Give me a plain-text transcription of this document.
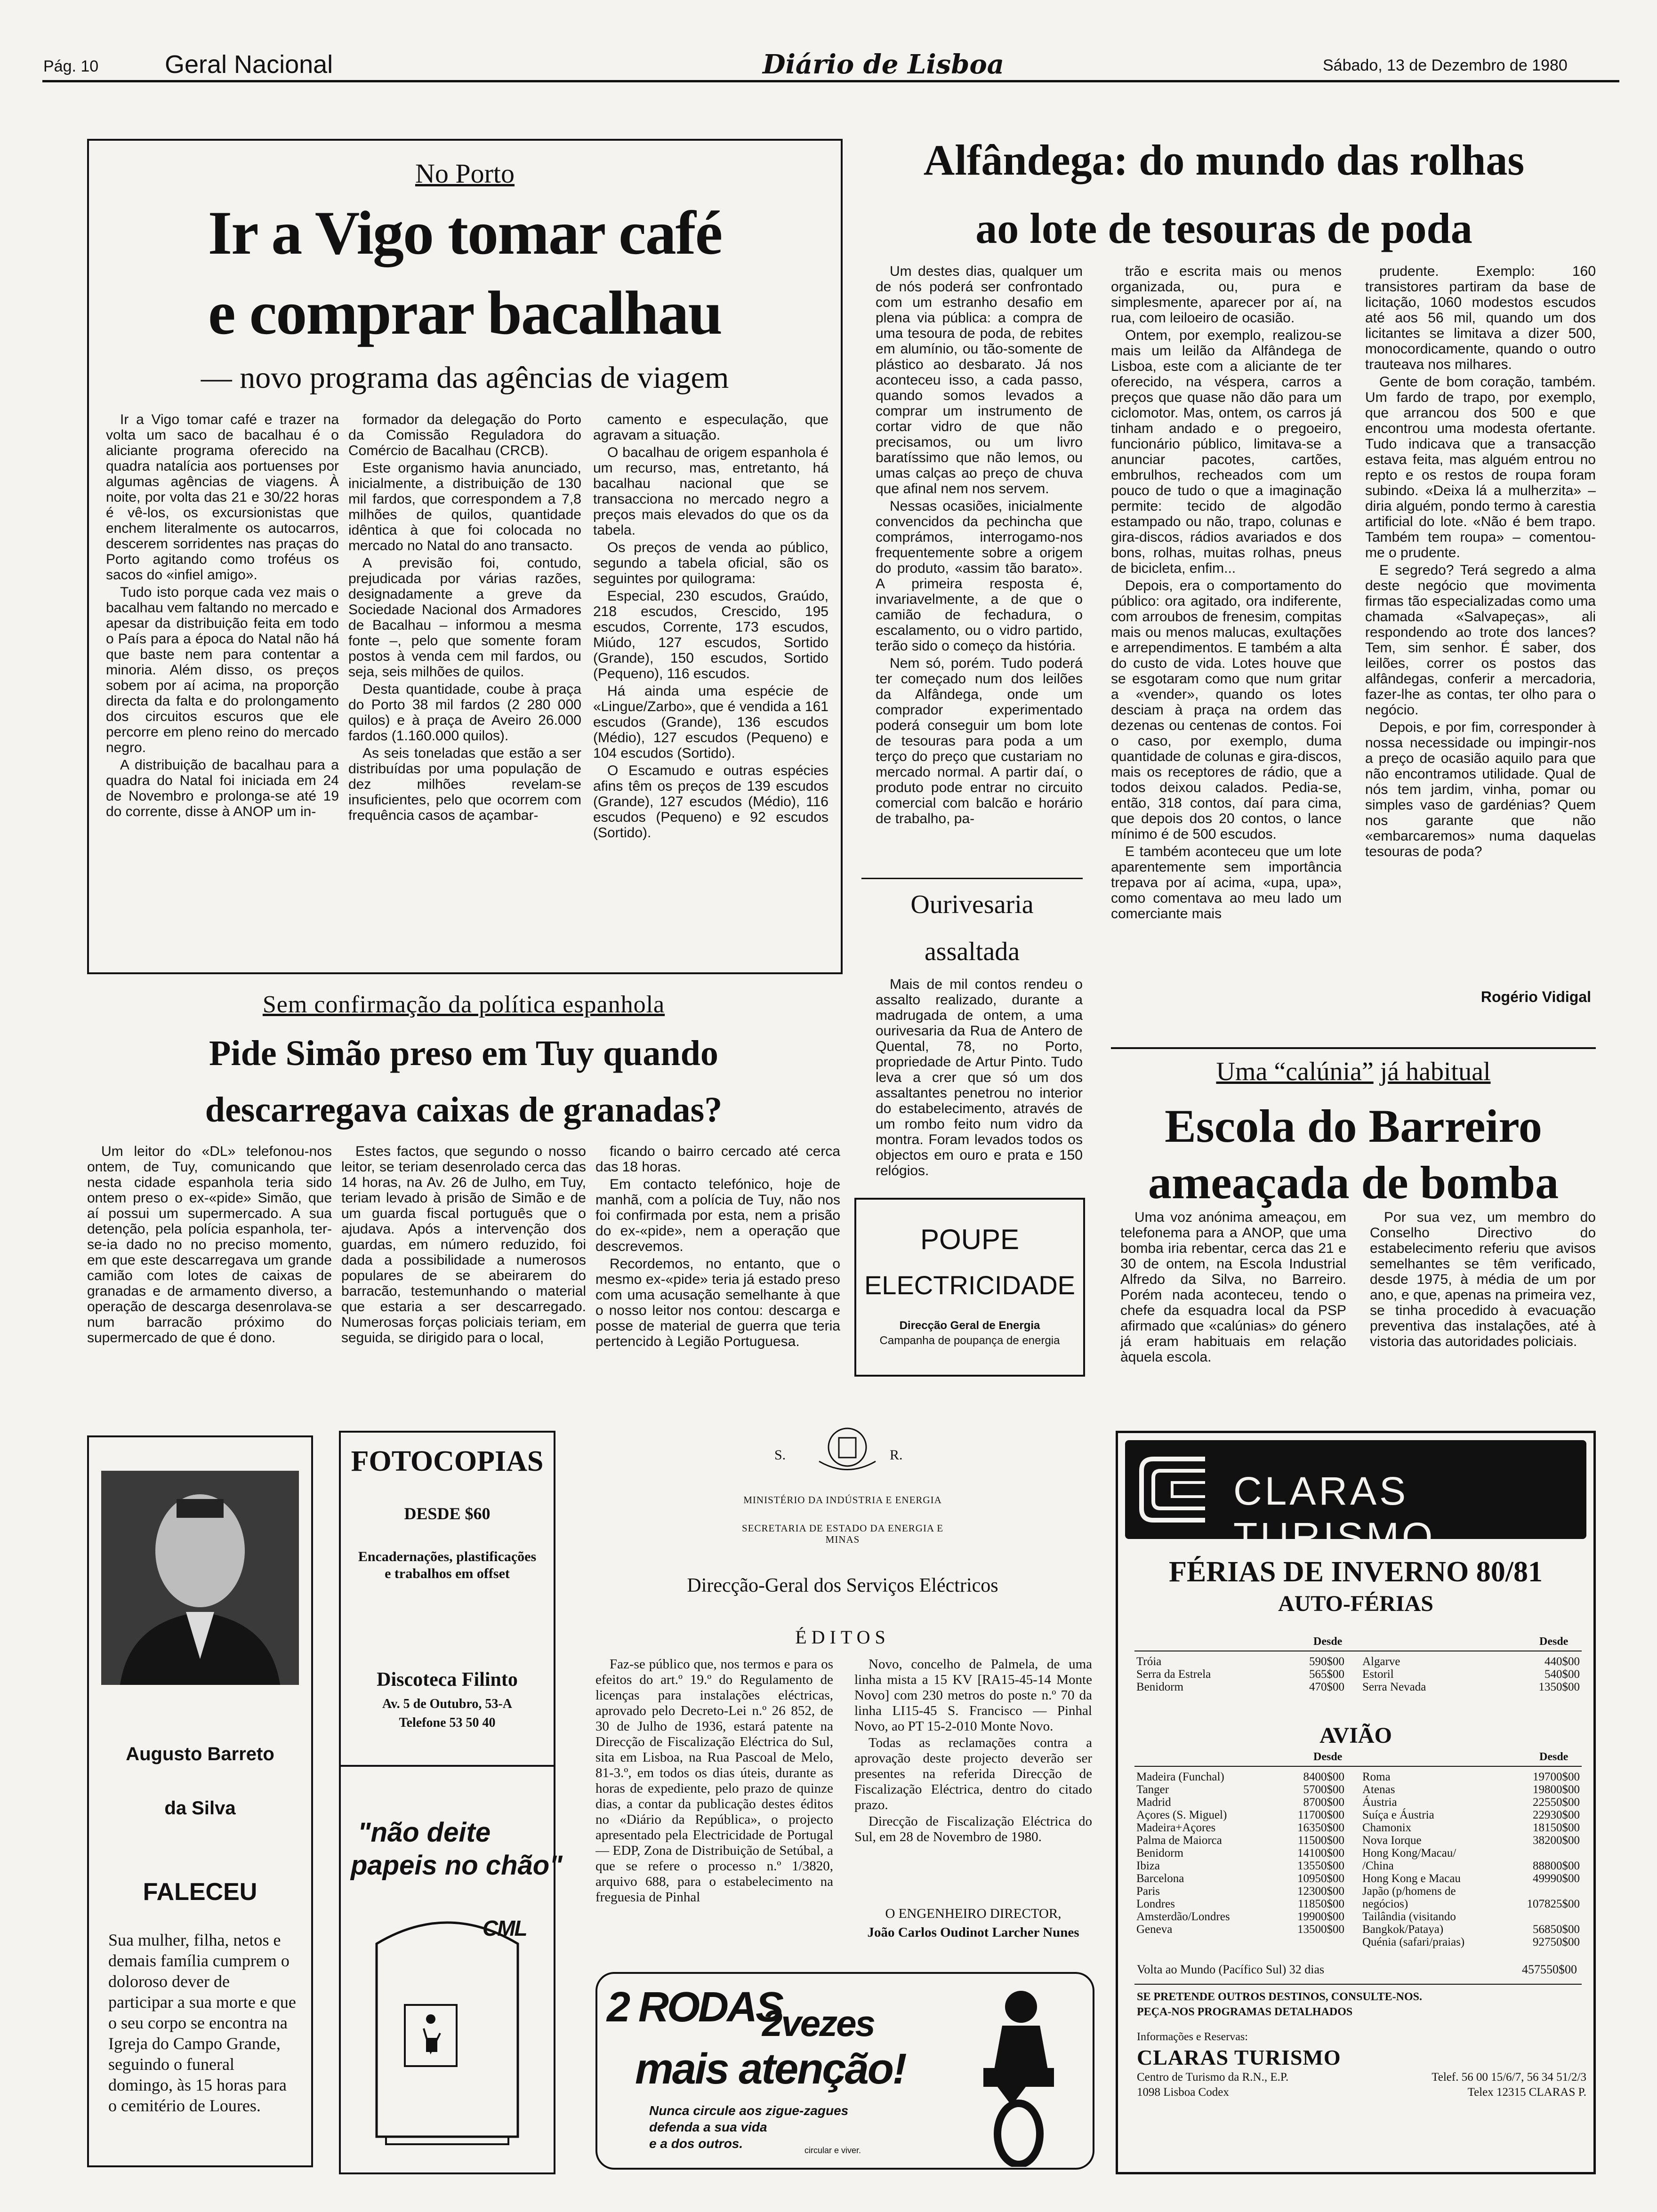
Pág. 10	Geral Nacional	Diário de Lisboa	Sábado, 13 de Dezembro de 1980
No Porto
Ir a Vigo tomar café
e comprar bacalhau
— novo programa das agências de viagem

Ir a Vigo tomar café e trazer na volta um saco de bacalhau é o aliciante programa oferecido na quadra natalícia aos portuenses por algumas agências de viagens. À noite, por volta das 21 e 30/22 horas é vê-los, os excursionistas que enchem literalmente os autocarros, descerem sorridentes nas praças do Porto agitando como troféus os sacos do «infiel amigo».

Tudo isto porque cada vez mais o bacalhau vem faltando no mercado e apesar da distribuição feita em todo o País para a época do Natal não há que baste nem para contentar a minoria. Além disso, os preços sobem por aí acima, na proporção directa da falta e do prolongamento dos circuitos escuros que ele percorre em pleno reino do mercado negro.

A distribuição de bacalhau para a quadra do Natal foi iniciada em 24 de Novembro e prolonga-se até 19 do corrente, disse à ANOP um in-

formador da delegação do Porto da Comissão Reguladora do Comércio de Bacalhau (CRCB).

Este organismo havia anunciado, inicialmente, a distribuição de 130 mil fardos, que correspondem a 7,8 milhões de quilos, quantidade idêntica à que foi colocada no mercado no Natal do ano transacto.

A previsão foi, contudo, prejudicada por várias razões, designadamente a greve da Sociedade Nacional dos Armadores de Bacalhau – informou a mesma fonte –, pelo que somente foram postos à venda cem mil fardos, ou seja, seis milhões de quilos.

Desta quantidade, coube à praça do Porto 38 mil fardos (2 280 000 quilos) e à praça de Aveiro 26.000 fardos (1.160.000 quilos).

As seis toneladas que estão a ser distribuídas por uma população de dez milhões revelam-se insuficientes, pelo que ocorrem com frequência casos de açambar-

camento e especulação, que agravam a situação.

O bacalhau de origem espanhola é um recurso, mas, entretanto, há bacalhau nacional que se transacciona no mercado negro a preços mais elevados do que os da tabela.

Os preços de venda ao público, segundo a tabela oficial, são os seguintes por quilograma:

Especial, 230 escudos, Graúdo, 218 escudos, Crescido, 195 escudos, Corrente, 173 escudos, Miúdo, 127 escudos, Sortido (Grande), 150 escudos, Sortido (Pequeno), 116 escudos.

Há ainda uma espécie de «Lingue/Zarbo», que é vendida a 161 escudos (Grande), 136 escudos (Médio), 127 escudos (Pequeno) e 104 escudos (Sortido).

O Escamudo e outras espécies afins têm os preços de 139 escudos (Grande), 127 escudos (Médio), 116 escudos (Pequeno) e 92 escudos (Sortido).

Alfândega: do mundo das rolhas
ao lote de tesouras de poda

Um destes dias, qualquer um de nós poderá ser confrontado com um estranho desafio em plena via pública: a compra de uma tesoura de poda, de rebites em alumínio, ou tão-somente de plástico ao desbarato. Já nos aconteceu isso, a cada passo, quando somos levados a comprar um instrumento de cortar vidro de que não precisamos, ou um livro baratíssimo que não lemos, ou umas calças ao preço de chuva que afinal nem nos servem.

Nessas ocasiões, inicialmente convencidos da pechincha que comprámos, interrogamo-nos frequentemente sobre a origem do produto, «assim tão barato». A primeira resposta é, invariavelmente, a de que o camião de fechadura, o escalamento, ou o vidro partido, terão sido o começo da história.

Nem só, porém. Tudo poderá ter começado num dos leilões da Alfândega, onde um comprador experimentado poderá conseguir um bom lote de tesouras para poda a um terço do preço que custariam no mercado normal. A partir daí, o produto pode entrar no circuito comercial com balcão e horário de trabalho, pa-

trão e escrita mais ou menos organizada, ou, pura e simplesmente, aparecer por aí, na rua, com leiloeiro de ocasião.

Ontem, por exemplo, realizou-se mais um leilão da Alfândega de Lisboa, este com a aliciante de ter oferecido, na véspera, carros a preços que quase não dão para um ciclomotor. Mas, ontem, os carros já tinham andado e o pregoeiro, funcionário público, limitava-se a anunciar pacotes, cartões, embrulhos, recheados com um pouco de tudo o que a imaginação permite: tecido de algodão estampado ou não, trapo, colunas e gira-discos, rádios avariados e dos bons, rolhas, muitas rolhas, pneus de bicicleta, enfim...

Depois, era o comportamento do público: ora agitado, ora indiferente, com arroubos de frenesim, compitas mais ou menos malucas, exultações e arrependimentos. E também a alta do custo de vida. Lotes houve que se esgotaram como que num gritar a «vender», quando os lotes desciam à praça na ordem das dezenas ou centenas de contos. Foi o caso, por exemplo, duma quantidade de colunas e gira-discos, mais os receptores de rádio, que a todos deixou calados. Pedia-se, então, 318 contos, daí para cima, que depois dos 20 contos, o lance mínimo é de 500 escudos.

E também aconteceu que um lote aparentemente sem importância trepava por aí acima, «upa, upa», como comentava ao meu lado um comerciante mais

prudente. Exemplo: 160 transistores partiram da base de licitação, 1060 modestos escudos até aos 56 mil, quando um dos licitantes se limitava a dizer 500, monocordicamente, quando o outro trauteava nos milhares.

Gente de bom coração, também. Um fardo de trapo, por exemplo, que arrancou dos 500 e que encontrou uma modesta ofertante. Tudo indicava que a transacção estava feita, mas alguém entrou no repto e os restos de roupa foram subindo. «Deixa lá a mulherzita» – diria alguém, pondo termo à carestia artificial do lote. «Não é bem trapo. Também tem roupa» – comentou-me o prudente.

E segredo? Terá segredo a alma deste negócio que movimenta firmas tão especializadas como uma chamada «Salvapeças», ali respondendo ao trote dos lances? Tem, sim senhor. É saber, dos leilões, correr os postos das alfândegas, conferir a mercadoria, fazer-lhe as contas, ter olho para o negócio.

Depois, e por fim, corresponder à nossa necessidade ou impingir-nos a preço de ocasião aquilo para que não encontramos utilidade. Qual de nós tem jardim, vinha, pomar ou simples vaso de gardénias? Quem nos garante que não «embarcaremos» numa daquelas tesouras de poda?

Rogério Vidigal
Ourivesaria
assaltada

Mais de mil contos rendeu o assalto realizado, durante a madrugada de ontem, a uma ourivesaria da Rua de Antero de Quental, 78, no Porto, propriedade de Artur Pinto. Tudo leva a crer que só um dos assaltantes penetrou no interior do estabelecimento, através de um rombo feito num vidro da montra. Foram levados todos os objectos em ouro e prata e 150 relógios.

POUPE
ELECTRICIDADE
Direcção Geral de Energia
Campanha de poupança de energia
Sem confirmação da política espanhola
Pide Simão preso em Tuy quando
descarregava caixas de granadas?

Um leitor do «DL» telefonou-nos ontem, de Tuy, comunicando que nesta cidade espanhola teria sido ontem preso o ex-«pide» Simão, que aí possui um supermercado. A sua detenção, pela polícia espanhola, ter-se-ia dado no no preciso momento, em que este descarregava um grande camião com lotes de caixas de granadas e de armamento diverso, a operação de descarga desenrolava-se num barracão próximo do supermercado de que é dono.

Estes factos, que segundo o nosso leitor, se teriam desenrolado cerca das 14 horas, na Av. 26 de Julho, em Tuy, teriam levado à prisão de Simão e de um guarda fiscal português que o ajudava. Após a intervenção dos guardas, em número reduzido, foi dada a possibilidade a numerosos populares de se abeirarem do barracão, testemunhando o material que estaria a ser descarregado. Numerosas forças policiais teriam, em seguida, se dirigido para o local,

ficando o bairro cercado até cerca das 18 horas.

Em contacto telefónico, hoje de manhã, com a polícia de Tuy, não nos foi confirmada por esta, nem a prisão do ex-«pide», nem a operação que descrevemos.

Recordemos, no entanto, que o mesmo ex-«pide» teria já estado preso com uma acusação semelhante à que o nosso leitor nos contou: descarga e posse de material de guerra que teria pertencido à Legião Portuguesa.

Uma “calúnia” já habitual
Escola do Barreiro
ameaçada de bomba

Uma voz anónima ameaçou, em telefonema para a ANOP, que uma bomba iria rebentar, cerca das 21 e 30 de ontem, na Escola Industrial Alfredo da Silva, no Barreiro. Porém nada aconteceu, tendo o chefe da esquadra local da PSP afirmado que «calúnias» do género já eram habituais em relação àquela escola.

Por sua vez, um membro do Conselho Directivo do estabelecimento referiu que avisos semelhantes se têm verificado, desde 1975, à média de um por ano, e que, apenas na primeira vez, se tinha procedido à evacuação preventiva das instalações, até à vistoria das autoridades policiais.

Augusto Barreto
da Silva
FALECEU
Sua mulher, filha, netos e demais família cumprem o doloroso dever de participar a sua morte e que o seu corpo se encontra na Igreja do Campo Grande, seguindo o funeral domingo, às 15 horas para o cemitério de Loures.
FOTOCOPIAS
DESDE $60
Encadernações, plastificações e trabalhos em offset
Discoteca Filinto
Av. 5 de Outubro, 53-A
Telefone 53 50 40
"não deite
papeis no chão"
CML
S.	R.
MINISTÉRIO DA INDÚSTRIA E ENERGIA
SECRETARIA DE ESTADO DA ENERGIA E MINAS
Direcção-Geral dos Serviços Eléctricos
ÉDITOS

Faz-se público que, nos termos e para os efeitos do art.º 19.º do Regulamento de licenças para instalações eléctricas, aprovado pelo Decreto-Lei n.º 26 852, de 30 de Julho de 1936, estará patente na Direcção de Fiscalização Eléctrica do Sul, sita em Lisboa, na Rua Pascoal de Melo, 81-3.º, em todos os dias úteis, durante as horas de expediente, pelo prazo de quinze dias, a contar da publicação destes éditos no «Diário da República», o projecto apresentado pela Electricidade de Portugal — EDP, Zona de Distribuição de Setúbal, a que se refere o processo n.º 1/3820, arquivo 688, para o estabelecimento na freguesia de Pinhal

Novo, concelho de Palmela, de uma linha mista a 15 KV [RA15-45-14 Monte Novo] com 230 metros do poste n.º 70 da linha LI15-45 S. Francisco — Pinhal Novo, ao PT 15-2-010 Monte Novo.

Todas as reclamações contra a aprovação deste projecto deverão ser presentes na referida Direcção de Fiscalização Eléctrica, dentro do citado prazo.

Direcção de Fiscalização Eléctrica do Sul, em 28 de Novembro de 1980.

O ENGENHEIRO DIRECTOR,
João Carlos Oudinot Larcher Nunes
2 RODAS
2vezes
mais atenção!
Nunca circule aos zigue-zagues
defenda a sua vida
e a dos outros.	circular e viver.
CLARAS TURISMO
FÉRIAS DE INVERNO 80/81
AUTO-FÉRIAS
Desde	Desde
Tróia	590$00
Serra da Estrela	565$00
Benidorm	470$00
Algarve	440$00
Estoril	540$00
Serra Nevada	1350$00
AVIÃO
Desde	Desde
Madeira (Funchal)	8400$00
Tanger	5700$00
Madrid	8700$00
Açores (S. Miguel)	11700$00
Madeira+Açores	16350$00
Palma de Maiorca	11500$00
Benidorm	14100$00
Ibiza	13550$00
Barcelona	10950$00
Paris	12300$00
Londres	11850$00
Amsterdão/Londres	19900$00
Geneva	13500$00
Roma	19700$00
Atenas	19800$00
Áustria	22550$00
Suíça e Áustria	22930$00
Chamonix	18150$00
Nova Iorque	38200$00
Hong Kong/Macau/	
/China	88800$00
Hong Kong e Macau	49990$00
Japão (p/homens de	
negócios)	107825$00
Tailândia (visitando	
Bangkok/Pataya)	56850$00
Quénia (safari/praias)	92750$00
Volta ao Mundo (Pacífico Sul) 32 dias	457550$00
SE PRETENDE OUTROS DESTINOS, CONSULTE-NOS.
PEÇA-NOS PROGRAMAS DETALHADOS
Informações e Reservas:
CLARAS TURISMO
Centro de Turismo da R.N., E.P.
1098 Lisboa Codex
Telef. 56 00 15/6/7, 56 34 51/2/3
Telex 12315 CLARAS P.
